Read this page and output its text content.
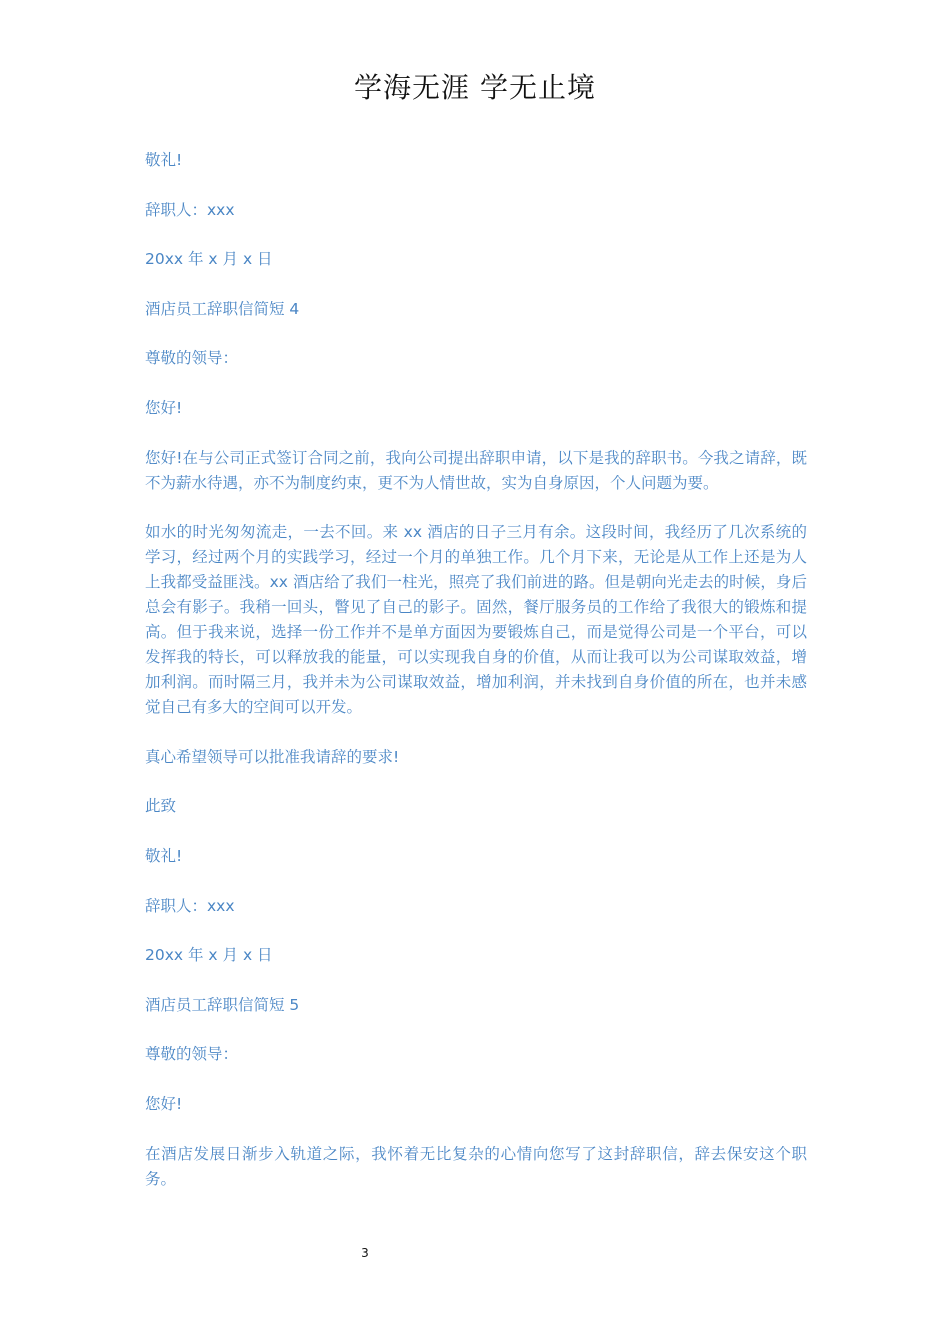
学海无涯 学无止境

敬礼!

辞职人：xxx

20xx 年 x 月 x 日

酒店员工辞职信简短 4

尊敬的领导：

您好!

您好!在与公司正式签订合同之前，我向公司提出辞职申请，以下是我的辞职书。今我之请辞，既不为薪水待遇，亦不为制度约束，更不为人情世故，实为自身原因，个人问题为要。

如水的时光匆匆流走，一去不回。来 xx 酒店的日子三月有余。这段时间，我经历了几次系统的学习，经过两个月的实践学习，经过一个月的单独工作。几个月下来，无论是从工作上还是为人上我都受益匪浅。xx 酒店给了我们一柱光，照亮了我们前进的路。但是朝向光走去的时候，身后总会有影子。我稍一回头，瞥见了自己的影子。固然，餐厅服务员的工作给了我很大的锻炼和提高。但于我来说，选择一份工作并不是单方面因为要锻炼自己，而是觉得公司是一个平台，可以发挥我的特长，可以释放我的能量，可以实现我自身的价值，从而让我可以为公司谋取效益，增加利润。而时隔三月，我并未为公司谋取效益，增加利润，并未找到自身价值的所在，也并未感觉自己有多大的空间可以开发。

真心希望领导可以批准我请辞的要求!

此致

敬礼!

辞职人：xxx

20xx 年 x 月 x 日

酒店员工辞职信简短 5

尊敬的领导：

您好!

在酒店发展日渐步入轨道之际，我怀着无比复杂的心情向您写了这封辞职信，辞去保安这个职务。

3
